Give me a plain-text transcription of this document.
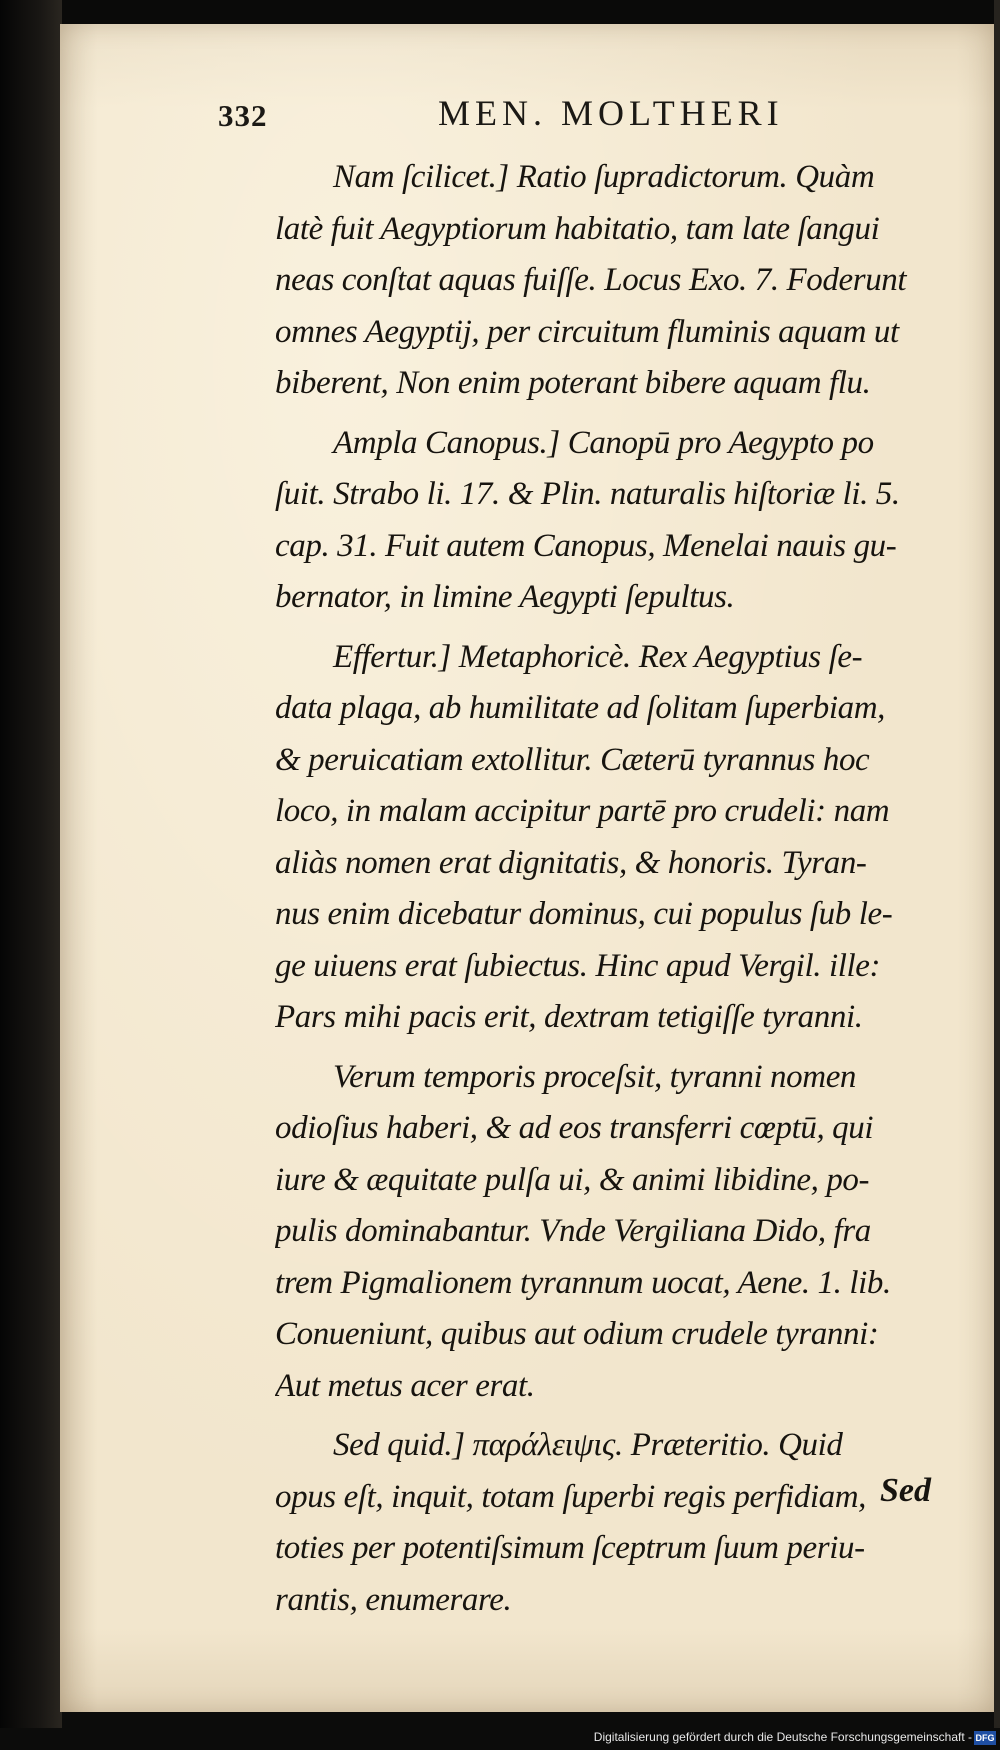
332	MEN. MOLTHERI
Nam ſcilicet.] Ratio ſupradictorum. Quàm
latè fuit Aegyptiorum habitatio, tam late ſangui
neas conſtat aquas fuiſſe. Locus Exo. 7. Foderunt
omnes Aegyptij, per circuitum fluminis aquam ut
biberent, Non enim poterant bibere aquam flu.
Ampla Canopus.] Canopū pro Aegypto po
ſuit. Strabo li. 17. & Plin. naturalis hiſtoriæ li. 5.
cap. 31. Fuit autem Canopus, Menelai nauis gu-
bernator, in limine Aegypti ſepultus.
Effertur.] Metaphoricè. Rex Aegyptius ſe-
data plaga, ab humilitate ad ſolitam ſuperbiam,
& peruicatiam extollitur. Cæterū tyrannus hoc
loco, in malam accipitur partē pro crudeli: nam
aliàs nomen erat dignitatis, & honoris. Tyran-
nus enim dicebatur dominus, cui populus ſub le-
ge uiuens erat ſubiectus. Hinc apud Vergil. ille:
Pars mihi pacis erit, dextram tetigiſſe tyranni.
Verum temporis proceſsit, tyranni nomen
odioſius haberi, & ad eos transferri cœptū, qui
iure & æquitate pulſa ui, & animi libidine, po-
pulis dominabantur. Vnde Vergiliana Dido, fra
trem Pigmalionem tyrannum uocat, Aene. 1. lib.
Conueniunt, quibus aut odium crudele tyranni:
Aut metus acer erat.
Sed quid.] παράλειψις. Præteritio. Quid
opus eſt, inquit, totam ſuperbi regis perfidiam,
toties per potentiſsimum ſceptrum ſuum periu-
rantis, enumerare.
Sed
Digitalisierung gefördert durch die Deutsche Forschungsgemeinschaft - DFG
